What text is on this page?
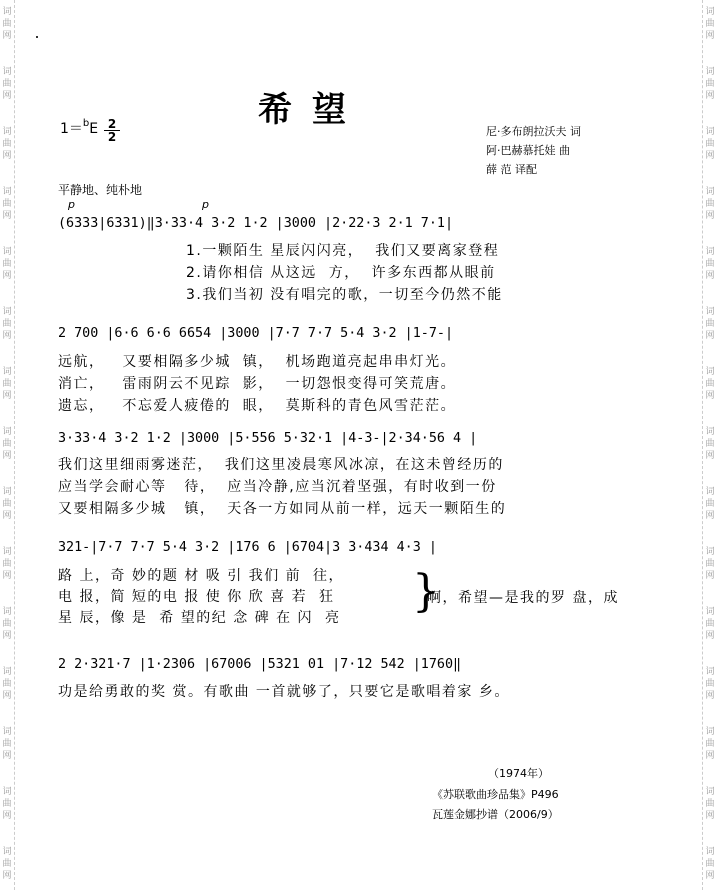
词
曲
网
词
曲
网
词
曲
网
词
曲
网
词
曲
网
词
曲
网
词
曲
网
词
曲
网
词
曲
网
词
曲
网
词
曲
网
词
曲
网
词
曲
网
词
曲
网
词
曲
网
词
曲
网
词
曲
网
词
曲
网
词
曲
网
词
曲
网
词
曲
网
词
曲
网
词
曲
网
词
曲
网
词
曲
网
词
曲
网
词
曲
网
词
曲
网
词
曲
网
词
曲
网
希望
1＝$^b$E 2
2	尼·多布朗拉沃夫 词
阿·巴赫慕托娃 曲
薛 范 译配
平静地、纯朴地
p	p
(6333|6331)‖3·33·4 3·2 1·2 |3000 |2·22·3 2·1 7·1|
1.一颗陌生 星辰闪闪亮，  我们又要离家登程
2.请你相信 从这远  方，  许多东西都从眼前
3.我们当初 没有唱完的歌，一切至今仍然不能
2 700 |6·6 6·6 6654 |3000 |7·7 7·7 5·4 3·2 |1-7-|
远航，   又要相隔多少城  镇，  机场跑道亮起串串灯光。
消亡，   雷雨阴云不见踪  影，  一切怨恨变得可笑荒唐。
遗忘，   不忘爱人疲倦的  眼，  莫斯科的青色风雪茫茫。
3·33·4 3·2 1·2 |3000 |5·556 5·32·1 |4-3-|2·34·56 4 |
我们这里细雨雾迷茫，  我们这里凌晨寒风冰凉，在这未曾经历的
应当学会耐心等   待，  应当冷静,应当沉着坚强，有时收到一份
又要相隔多少城   镇，  天各一方如同从前一样，远天一颗陌生的
321-|7·7 7·7 5·4 3·2 |176 6 |6704|3 3·434 4·3 |
路 上，奇 妙的题 材 吸 引 我们 前  往，
电 报，简 短的电 报 使 你 欣 喜 若  狂
星 辰，像 是  希 望的纪 念 碑 在 闪  亮
}
啊，希望—是我的罗 盘，成
2 2·321·7 |1·2306 |67006 |5321 01 |7·12 542 |1760‖
功是给勇敢的奖 赏。有歌曲 一首就够了，只要它是歌唱着家 乡。
（1974年）
《苏联歌曲珍品集》P496
瓦莲金娜抄谱（2006/9）
